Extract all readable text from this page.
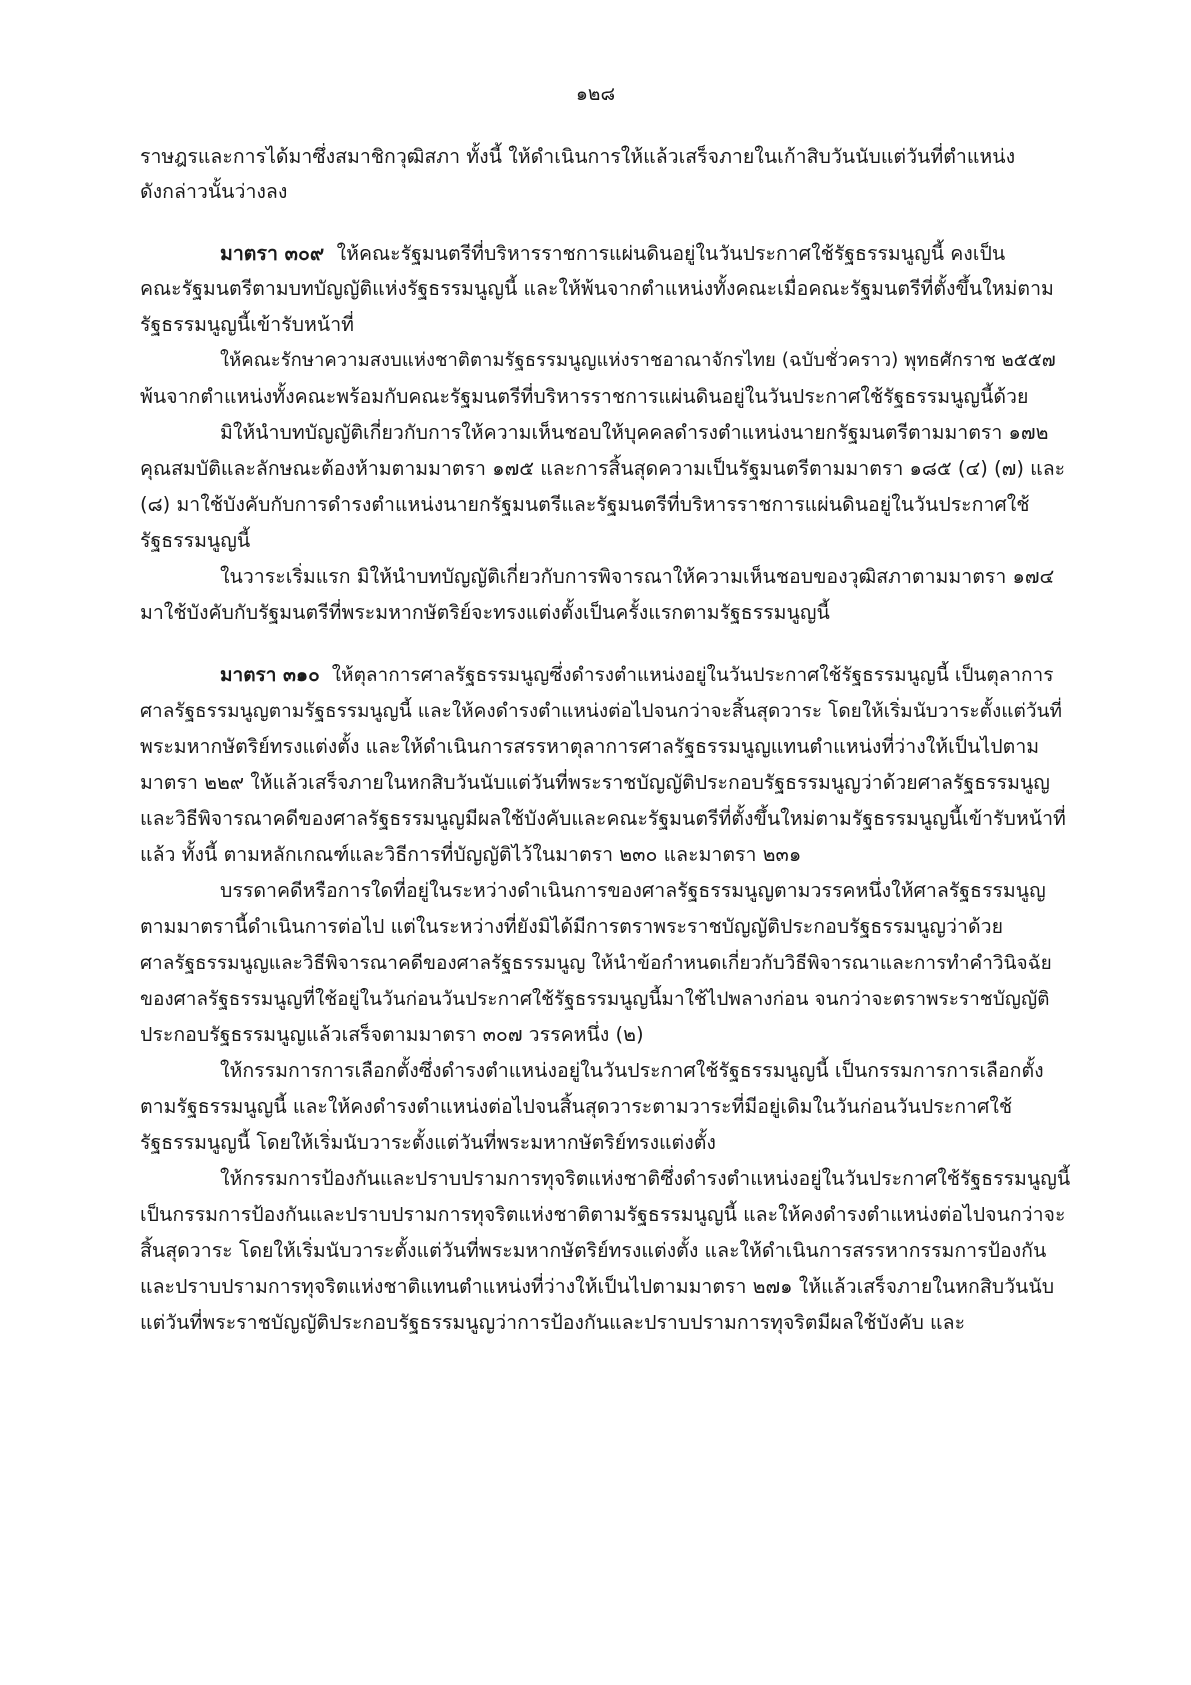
๑๒๘
ราษฎรและการได้มาซึ่งสมาชิกวุฒิสภา ทั้งนี้ ให้ดำเนินการให้แล้วเสร็จภายในเก้าสิบวันนับแต่วันที่ตำแหน่ง
ดังกล่าวนั้นว่างลง
มาตรา ๓๐๙ ให้คณะรัฐมนตรีที่บริหารราชการแผ่นดินอยู่ในวันประกาศใช้รัฐธรรมนูญนี้ คงเป็น
คณะรัฐมนตรีตามบทบัญญัติแห่งรัฐธรรมนูญนี้ และให้พ้นจากตำแหน่งทั้งคณะเมื่อคณะรัฐมนตรีที่ตั้งขึ้นใหม่ตาม
รัฐธรรมนูญนี้เข้ารับหน้าที่
ให้คณะรักษาความสงบแห่งชาติตามรัฐธรรมนูญแห่งราชอาณาจักรไทย (ฉบับชั่วคราว) พุทธศักราช ๒๕๕๗
พ้นจากตำแหน่งทั้งคณะพร้อมกับคณะรัฐมนตรีที่บริหารราชการแผ่นดินอยู่ในวันประกาศใช้รัฐธรรมนูญนี้ด้วย
มิให้นำบทบัญญัติเกี่ยวกับการให้ความเห็นชอบให้บุคคลดำรงตำแหน่งนายกรัฐมนตรีตามมาตรา ๑๗๒
คุณสมบัติและลักษณะต้องห้ามตามมาตรา ๑๗๕ และการสิ้นสุดความเป็นรัฐมนตรีตามมาตรา ๑๘๕ (๔) (๗) และ
(๘) มาใช้บังคับกับการดำรงตำแหน่งนายกรัฐมนตรีและรัฐมนตรีที่บริหารราชการแผ่นดินอยู่ในวันประกาศใช้
รัฐธรรมนูญนี้
ในวาระเริ่มแรก มิให้นำบทบัญญัติเกี่ยวกับการพิจารณาให้ความเห็นชอบของวุฒิสภาตามมาตรา ๑๗๔
มาใช้บังคับกับรัฐมนตรีที่พระมหากษัตริย์จะทรงแต่งตั้งเป็นครั้งแรกตามรัฐธรรมนูญนี้
มาตรา ๓๑๐ ให้ตุลาการศาลรัฐธรรมนูญซึ่งดำรงตำแหน่งอยู่ในวันประกาศใช้รัฐธรรมนูญนี้ เป็นตุลาการ
ศาลรัฐธรรมนูญตามรัฐธรรมนูญนี้ และให้คงดำรงตำแหน่งต่อไปจนกว่าจะสิ้นสุดวาระ โดยให้เริ่มนับวาระตั้งแต่วันที่
พระมหากษัตริย์ทรงแต่งตั้ง และให้ดำเนินการสรรหาตุลาการศาลรัฐธรรมนูญแทนตำแหน่งที่ว่างให้เป็นไปตาม
มาตรา ๒๒๙ ให้แล้วเสร็จภายในหกสิบวันนับแต่วันที่พระราชบัญญัติประกอบรัฐธรรมนูญว่าด้วยศาลรัฐธรรมนูญ
และวิธีพิจารณาคดีของศาลรัฐธรรมนูญมีผลใช้บังคับและคณะรัฐมนตรีที่ตั้งขึ้นใหม่ตามรัฐธรรมนูญนี้เข้ารับหน้าที่
แล้ว ทั้งนี้ ตามหลักเกณฑ์และวิธีการที่บัญญัติไว้ในมาตรา ๒๓๐ และมาตรา ๒๓๑
บรรดาคดีหรือการใดที่อยู่ในระหว่างดำเนินการของศาลรัฐธรรมนูญตามวรรคหนึ่งให้ศาลรัฐธรรมนูญ
ตามมาตรานี้ดำเนินการต่อไป แต่ในระหว่างที่ยังมิได้มีการตราพระราชบัญญัติประกอบรัฐธรรมนูญว่าด้วย
ศาลรัฐธรรมนูญและวิธีพิจารณาคดีของศาลรัฐธรรมนูญ ให้นำข้อกำหนดเกี่ยวกับวิธีพิจารณาและการทำคำวินิจฉัย
ของศาลรัฐธรรมนูญที่ใช้อยู่ในวันก่อนวันประกาศใช้รัฐธรรมนูญนี้มาใช้ไปพลางก่อน จนกว่าจะตราพระราชบัญญัติ
ประกอบรัฐธรรมนูญแล้วเสร็จตามมาตรา ๓๐๗ วรรคหนึ่ง (๒)
ให้กรรมการการเลือกตั้งซึ่งดำรงตำแหน่งอยู่ในวันประกาศใช้รัฐธรรมนูญนี้ เป็นกรรมการการเลือกตั้ง
ตามรัฐธรรมนูญนี้ และให้คงดำรงตำแหน่งต่อไปจนสิ้นสุดวาระตามวาระที่มีอยู่เดิมในวันก่อนวันประกาศใช้
รัฐธรรมนูญนี้ โดยให้เริ่มนับวาระตั้งแต่วันที่พระมหากษัตริย์ทรงแต่งตั้ง
ให้กรรมการป้องกันและปราบปรามการทุจริตแห่งชาติซึ่งดำรงตำแหน่งอยู่ในวันประกาศใช้รัฐธรรมนูญนี้
เป็นกรรมการป้องกันและปราบปรามการทุจริตแห่งชาติตามรัฐธรรมนูญนี้ และให้คงดำรงตำแหน่งต่อไปจนกว่าจะ
สิ้นสุดวาระ โดยให้เริ่มนับวาระตั้งแต่วันที่พระมหากษัตริย์ทรงแต่งตั้ง และให้ดำเนินการสรรหากรรมการป้องกัน
และปราบปรามการทุจริตแห่งชาติแทนตำแหน่งที่ว่างให้เป็นไปตามมาตรา ๒๗๑ ให้แล้วเสร็จภายในหกสิบวันนับ
แต่วันที่พระราชบัญญัติประกอบรัฐธรรมนูญว่าการป้องกันและปราบปรามการทุจริตมีผลใช้บังคับ และ
